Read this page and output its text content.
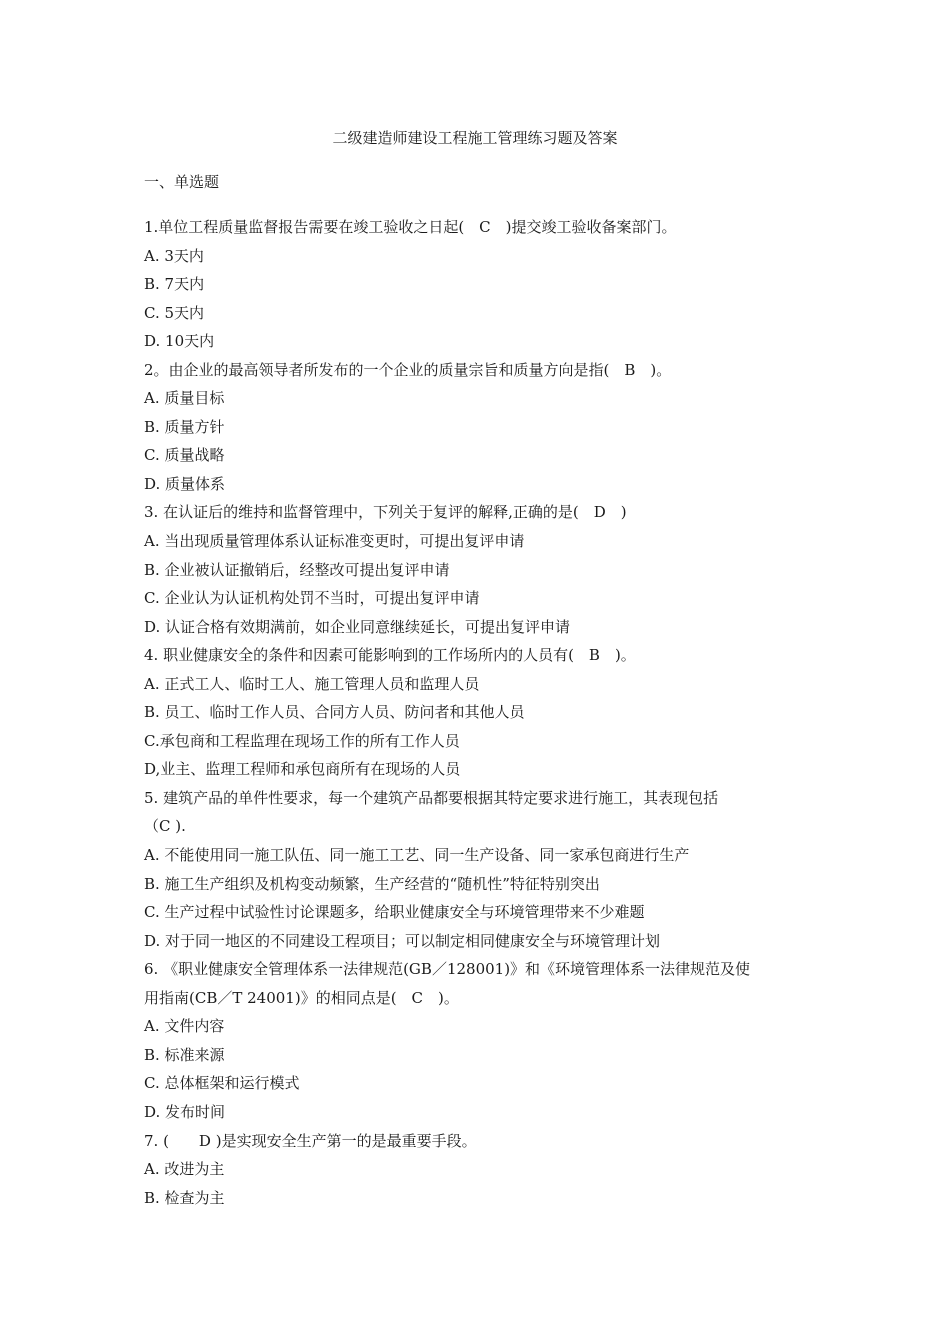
二级建造师建设工程施工管理练习题及答案
一、单选题
1.单位工程质量监督报告需要在竣工验收之日起(　C　)提交竣工验收备案部门。
A. 3天内
B. 7天内
C. 5天内
D. 10天内
2。由企业的最高领导者所发布的一个企业的质量宗旨和质量方向是指(　B　)。
A. 质量目标
B. 质量方针
C. 质量战略
D. 质量体系
3. 在认证后的维持和监督管理中，下列关于复评的解释,正确的是(　D　)
A. 当出现质量管理体系认证标准变更时，可提出复评申请
B. 企业被认证撤销后，经整改可提出复评申请
C. 企业认为认证机构处罚不当时，可提出复评申请
D. 认证合格有效期满前，如企业同意继续延长，可提出复评申请
4. 职业健康安全的条件和因素可能影响到的工作场所内的人员有(　B　)。
A. 正式工人、临时工人、施工管理人员和监理人员
B. 员工、临时工作人员、合同方人员、防问者和其他人员
C.承包商和工程监理在现场工作的所有工作人员
D,业主、监理工程师和承包商所有在现场的人员
5. 建筑产品的单件性要求，每一个建筑产品都要根据其特定要求进行施工，其表现包括
（C ).
A. 不能使用同一施工队伍、同一施工工艺、同一生产设备、同一家承包商进行生产
B. 施工生产组织及机构变动频繁，生产经营的“随机性”特征特别突出
C. 生产过程中试验性讨论课题多，给职业健康安全与环境管理带来不少难题
D. 对于同一地区的不同建设工程项目；可以制定相同健康安全与环境管理计划
6. 《职业健康安全管理体系一法律规范(GB／128001)》和《环境管理体系一法律规范及使
用指南(CB／T 24001)》的相同点是(　C　)。
A. 文件内容
B. 标准来源
C. 总体框架和运行模式
D. 发布时间
7. (　　D )是实现安全生产第一的是最重要手段。
A. 改进为主
B. 检查为主
